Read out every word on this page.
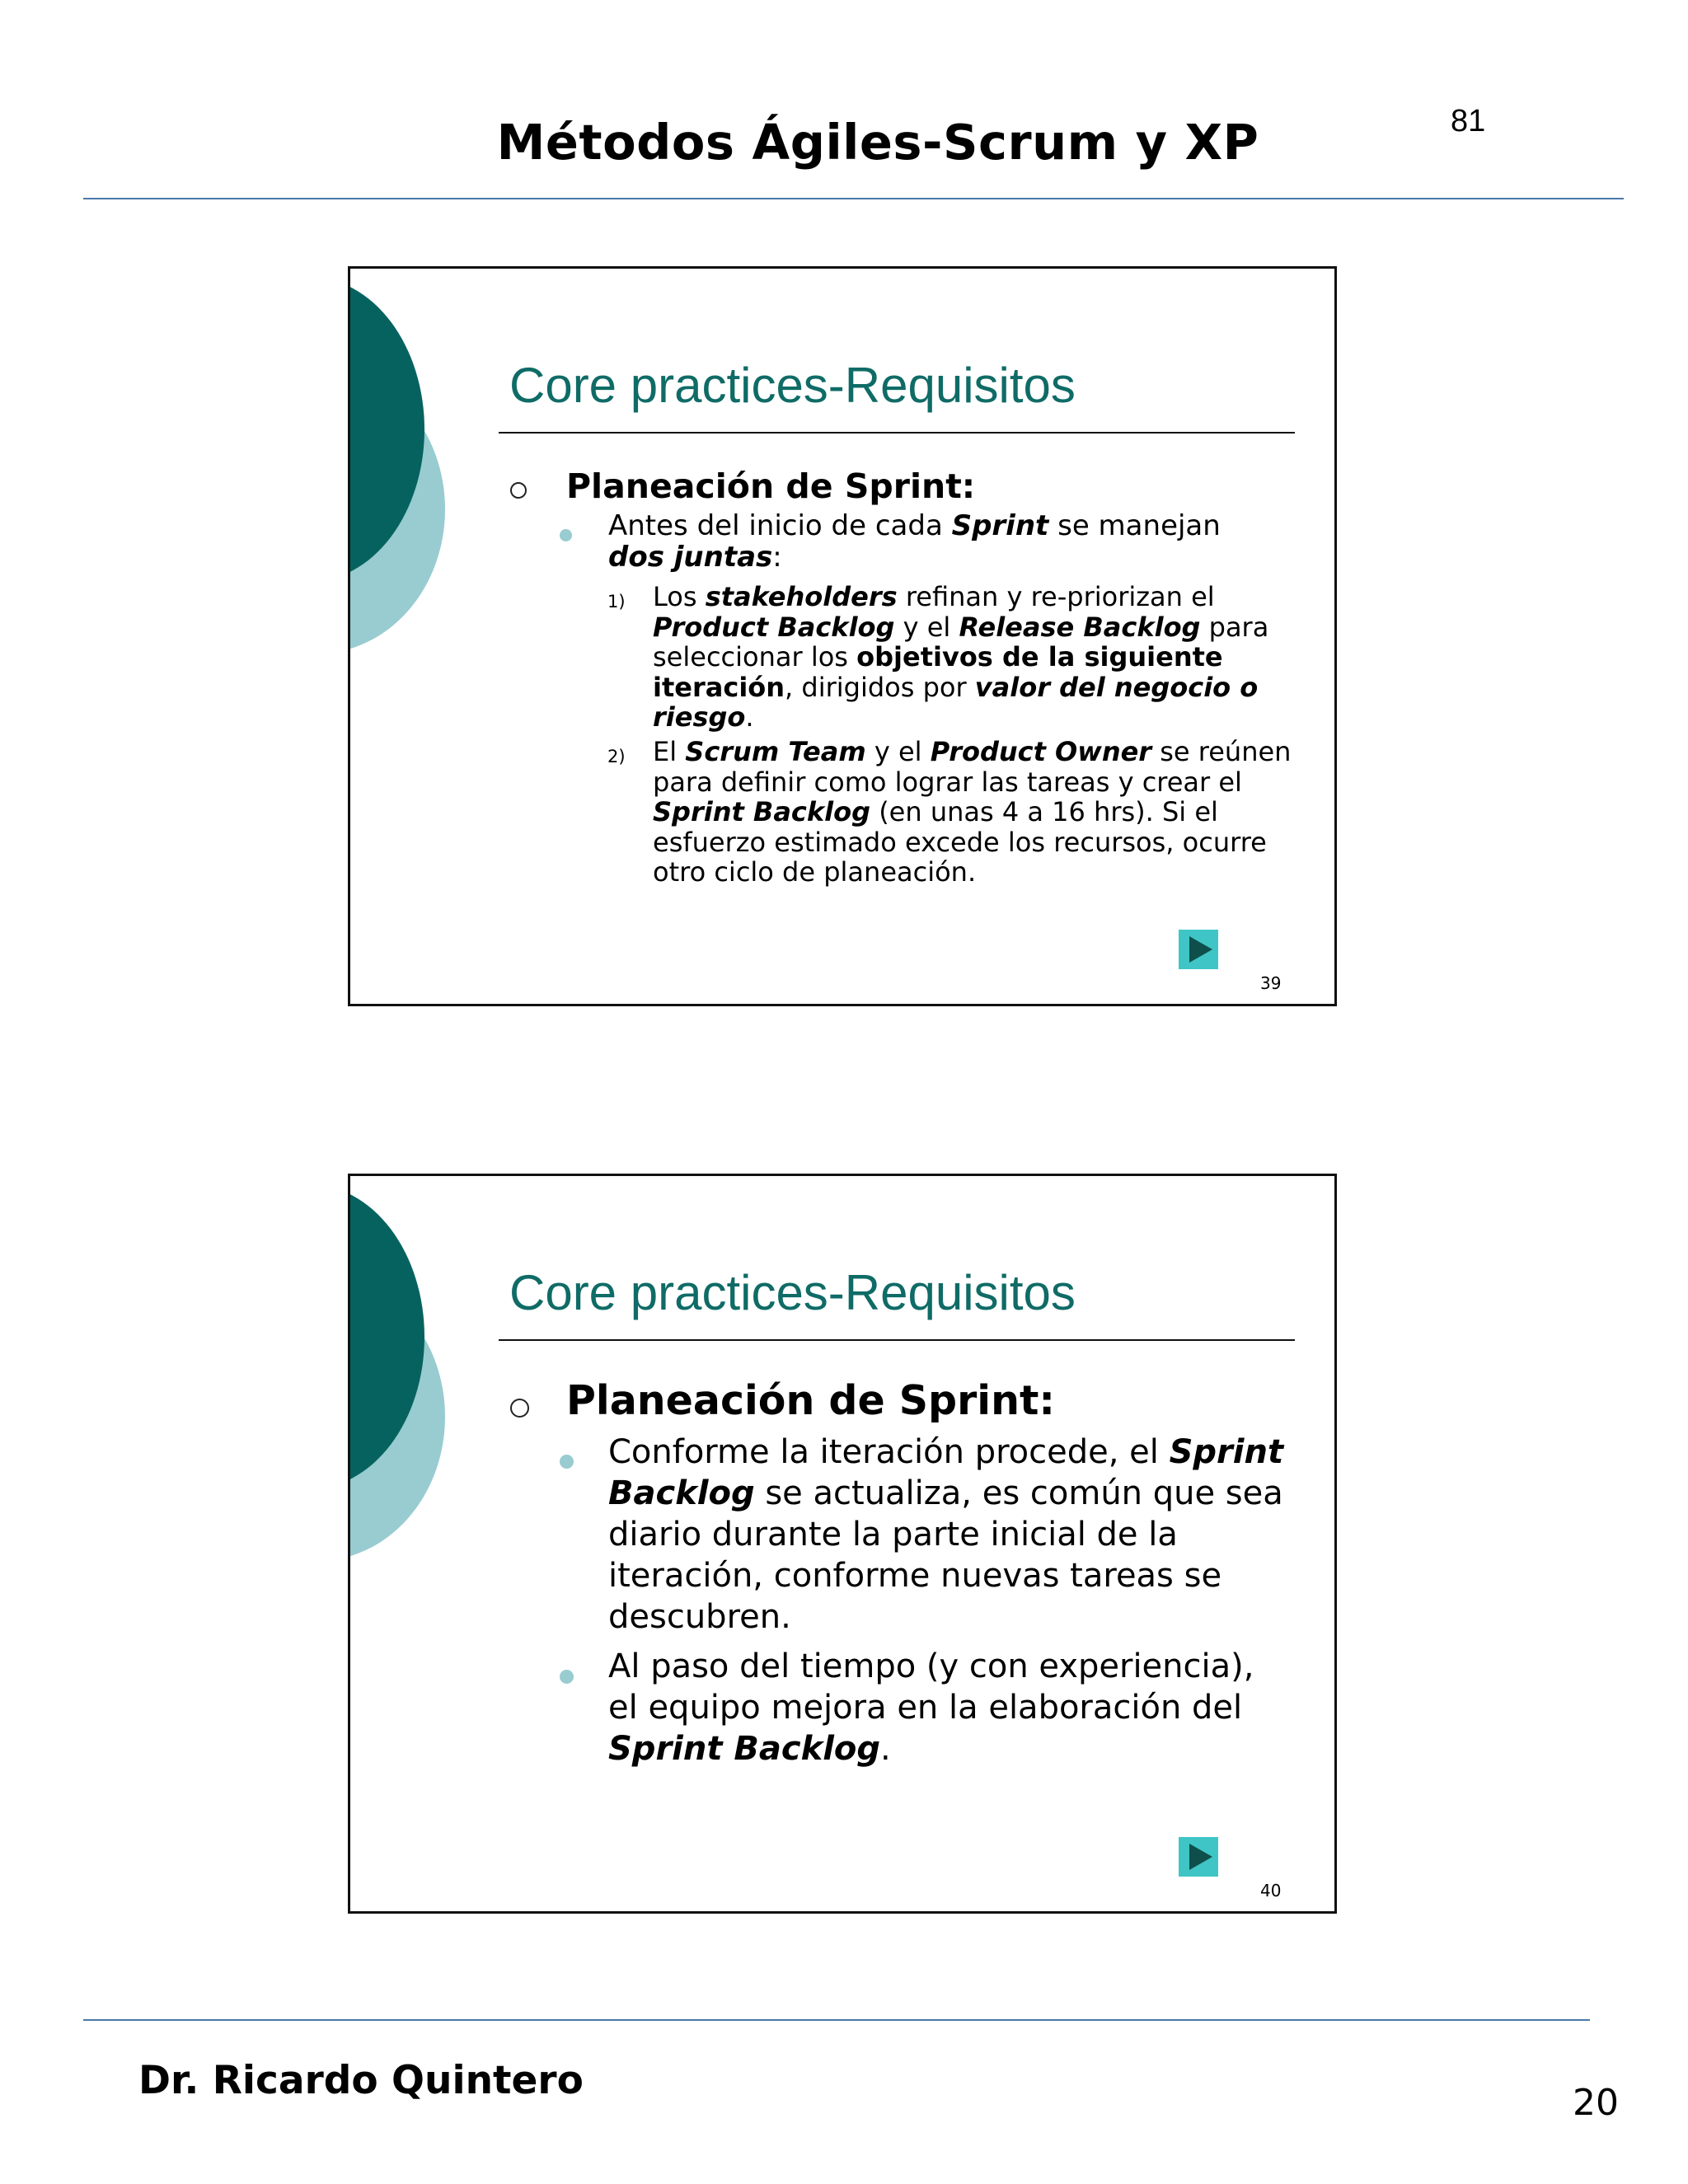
Métodos Ágiles-Scrum y XP	81
Core practices-Requisitos
Planeación de Sprint:
Antes del inicio de cada Sprint se manejan dos juntas:
1) Los stakeholders refinan y re-priorizan el Product Backlog y el Release Backlog para seleccionar los objetivos de la siguiente iteración, dirigidos por valor del negocio o riesgo.
2) El Scrum Team y el Product Owner se reúnen para definir como lograr las tareas y crear el Sprint Backlog (en unas 4 a 16 hrs). Si el esfuerzo estimado excede los recursos, ocurre otro ciclo de planeación.
39
Core practices-Requisitos
Planeación de Sprint:
Conforme la iteración procede, el Sprint Backlog se actualiza, es común que sea diario durante la parte inicial de la iteración, conforme nuevas tareas se descubren.
Al paso del tiempo (y con experiencia), el equipo mejora en la elaboración del Sprint Backlog.
40
Dr. Ricardo Quintero	20
